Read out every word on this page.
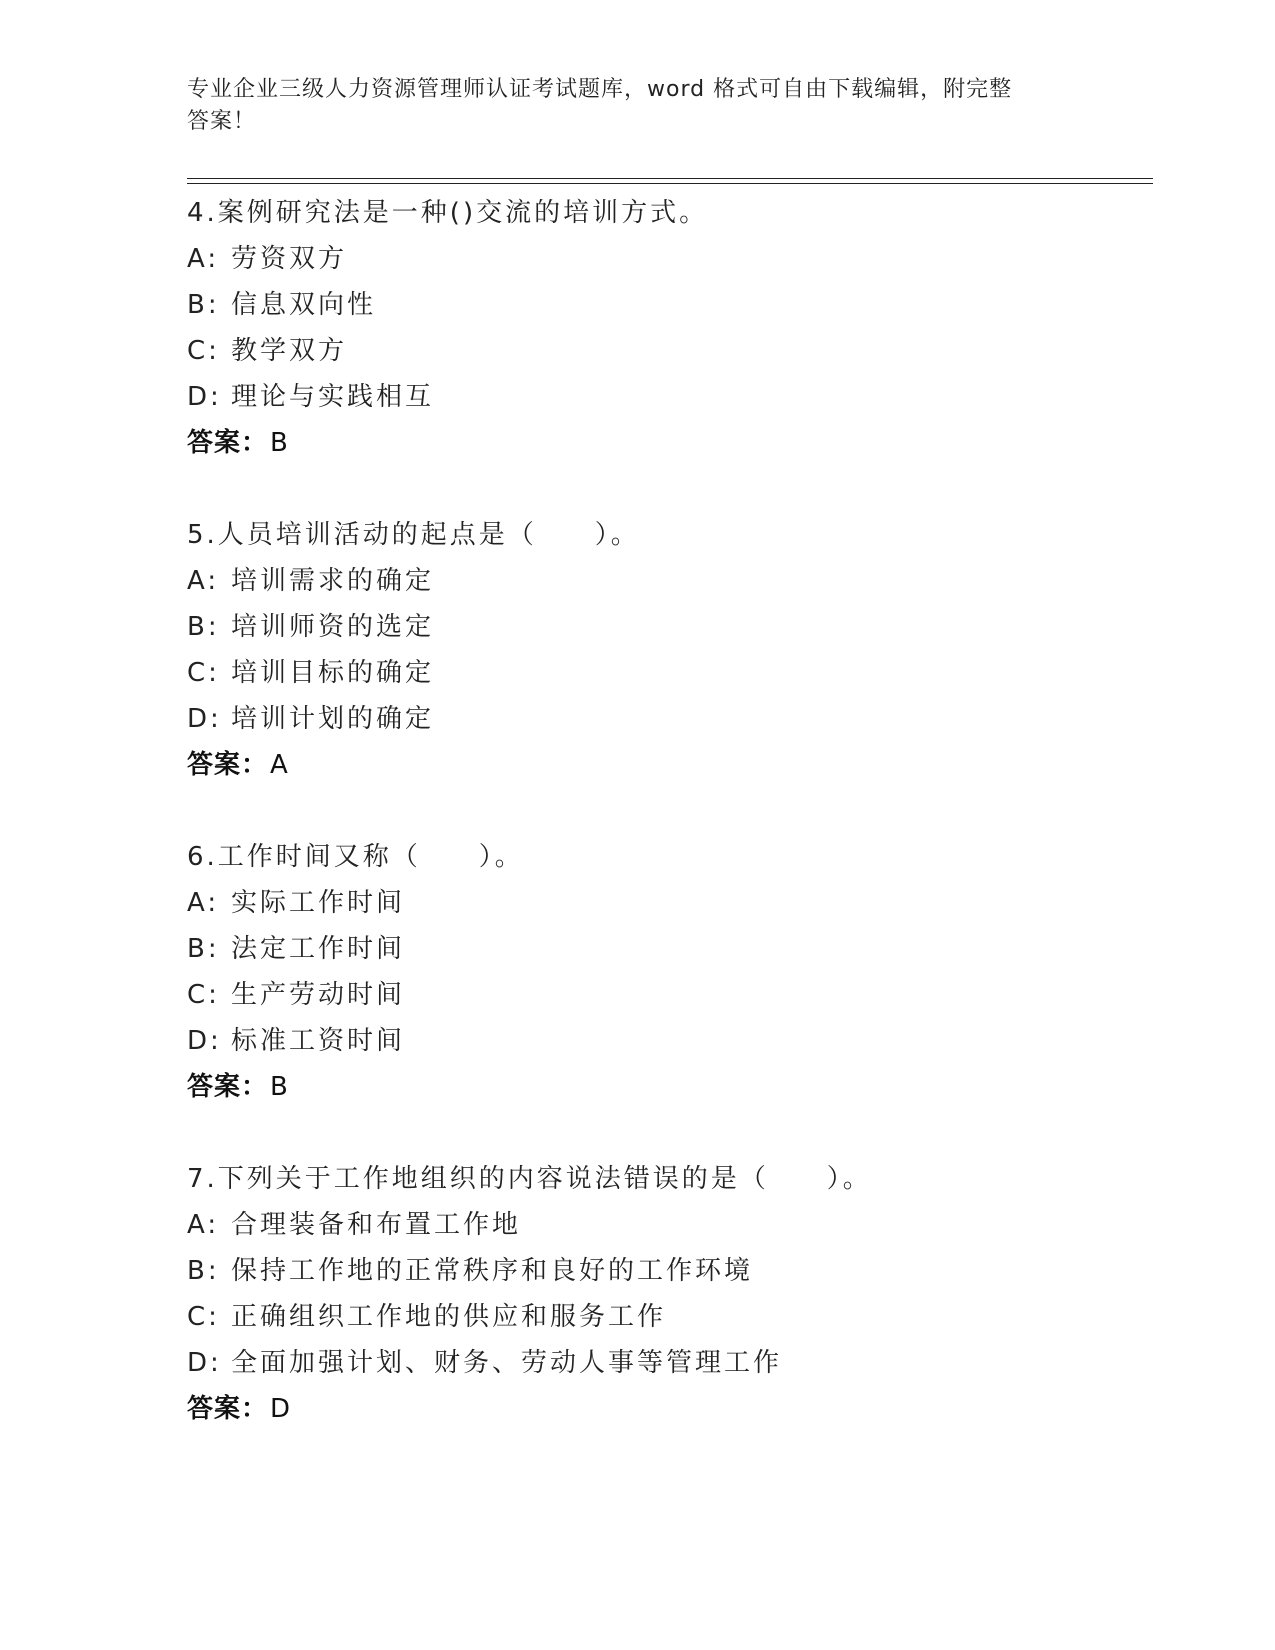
专业企业三级人力资源管理师认证考试题库，word 格式可自由下载编辑，附完整
答案！
4.案例研究法是一种()交流的培训方式。
A: 劳资双方
B: 信息双向性
C: 教学双方
D: 理论与实践相互
答案：B
5.人员培训活动的起点是（　　）。
A: 培训需求的确定
B: 培训师资的选定
C: 培训目标的确定
D: 培训计划的确定
答案：A
6.工作时间又称（　　）。
A: 实际工作时间
B: 法定工作时间
C: 生产劳动时间
D: 标准工资时间
答案：B
7.下列关于工作地组织的内容说法错误的是（　　）。
A: 合理装备和布置工作地
B: 保持工作地的正常秩序和良好的工作环境
C: 正确组织工作地的供应和服务工作
D: 全面加强计划、财务、劳动人事等管理工作
答案：D
